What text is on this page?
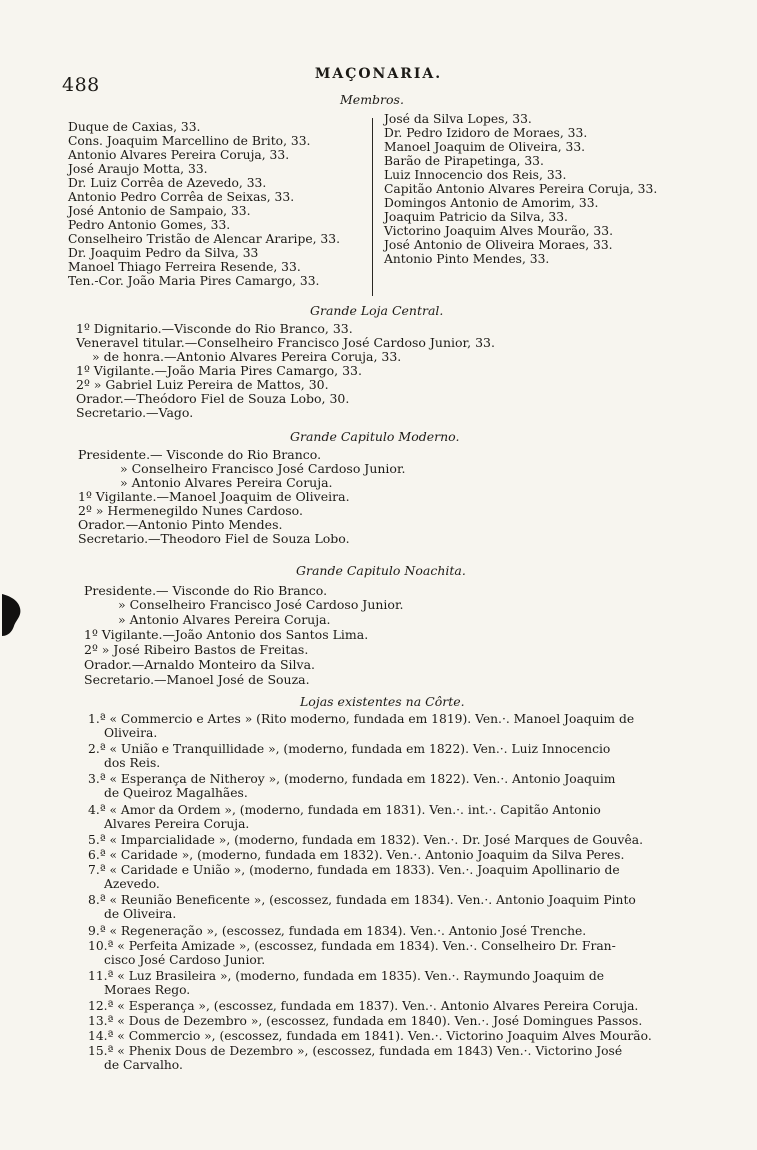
488	MAÇONARIA.
Membros.
Duque de Caxias, 33.
Cons. Joaquim Marcellino de Brito, 33.
Antonio Alvares Pereira Coruja, 33.
José Araujo Motta, 33.
Dr. Luiz Corrêa de Azevedo, 33.
Antonio Pedro Corrêa de Seixas, 33.
José Antonio de Sampaio, 33.
Pedro Antonio Gomes, 33.
Conselheiro Tristão de Alencar Araripe, 33.
Dr. Joaquim Pedro da Silva, 33
Manoel Thiago Ferreira Resende, 33.
Ten.-Cor. João Maria Pires Camargo, 33.
José da Silva Lopes, 33.
Dr. Pedro Izidoro de Moraes, 33.
Manoel Joaquim de Oliveira, 33.
Barão de Pirapetinga, 33.
Luiz Innocencio dos Reis, 33.
Capitão Antonio Alvares Pereira Coruja, 33.
Domingos Antonio de Amorim, 33.
Joaquim Patricio da Silva, 33.
Victorino Joaquim Alves Mourão, 33.
José Antonio de Oliveira Moraes, 33.
Antonio Pinto Mendes, 33.
Grande Loja Central.
1º Dignitario.—Visconde do Rio Branco, 33.
Veneravel titular.—Conselheiro Francisco José Cardoso Junior, 33.
» de honra.—Antonio Alvares Pereira Coruja, 33.
1º Vigilante.—João Maria Pires Camargo, 33.
2º » Gabriel Luiz Pereira de Mattos, 30.
Orador.—Theódoro Fiel de Souza Lobo, 30.
Secretario.—Vago.
Grande Capitulo Moderno.
Presidente.— Visconde do Rio Branco.
» Conselheiro Francisco José Cardoso Junior.
» Antonio Alvares Pereira Coruja.
1º Vigilante.—Manoel Joaquim de Oliveira.
2º » Hermenegildo Nunes Cardoso.
Orador.—Antonio Pinto Mendes.
Secretario.—Theodoro Fiel de Souza Lobo.
Grande Capitulo Noachita.
Presidente.— Visconde do Rio Branco.
» Conselheiro Francisco José Cardoso Junior.
» Antonio Alvares Pereira Coruja.
1º Vigilante.—João Antonio dos Santos Lima.
2º » José Ribeiro Bastos de Freitas.
Orador.—Arnaldo Monteiro da Silva.
Secretario.—Manoel José de Souza.
Lojas existentes na Côrte.
1.ª « Commercio e Artes » (Rito moderno, fundada em 1819). Ven.·. Manoel Joaquim de
Oliveira.
2.ª « União e Tranquillidade », (moderno, fundada em 1822). Ven.·. Luiz Innocencio
dos Reis.
3.ª « Esperança de Nitheroy », (moderno, fundada em 1822). Ven.·. Antonio Joaquim
de Queiroz Magalhães.
4.ª « Amor da Ordem », (moderno, fundada em 1831). Ven.·. int.·. Capitão Antonio
Alvares Pereira Coruja.
5.ª « Imparcialidade », (moderno, fundada em 1832). Ven.·. Dr. José Marques de Gouvêa.
6.ª « Caridade », (moderno, fundada em 1832). Ven.·. Antonio Joaquim da Silva Peres.
7.ª « Caridade e União », (moderno, fundada em 1833). Ven.·. Joaquim Apollinario de
Azevedo.
8.ª « Reunião Beneficente », (escossez, fundada em 1834). Ven.·. Antonio Joaquim Pinto
de Oliveira.
9.ª « Regeneração », (escossez, fundada em 1834). Ven.·. Antonio José Trenche.
10.ª « Perfeita Amizade », (escossez, fundada em 1834). Ven.·. Conselheiro Dr. Fran-
cisco José Cardoso Junior.
11.ª « Luz Brasileira », (moderno, fundada em 1835). Ven.·. Raymundo Joaquim de
Moraes Rego.
12.ª « Esperança », (escossez, fundada em 1837). Ven.·. Antonio Alvares Pereira Coruja.
13.ª « Dous de Dezembro », (escossez, fundada em 1840). Ven.·. José Domingues Passos.
14.ª « Commercio », (escossez, fundada em 1841). Ven.·. Victorino Joaquim Alves Mourão.
15.ª « Phenix Dous de Dezembro », (escossez, fundada em 1843) Ven.·. Victorino José
de Carvalho.
